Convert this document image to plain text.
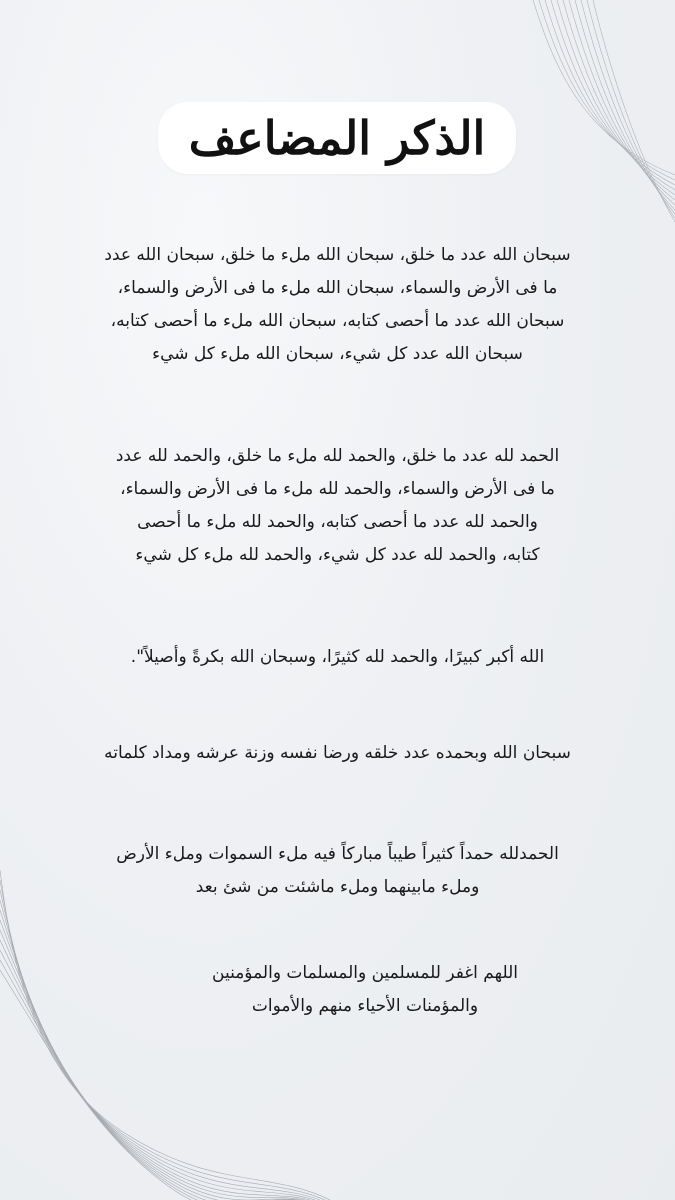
الذكر المضاعف
سبحان الله عدد ما خلق، سبحان الله ملء ما خلق، سبحان الله عدد
ما فى الأرض والسماء، سبحان الله ملء ما فى الأرض والسماء،
سبحان الله عدد ما أحصى كتابه، سبحان الله ملء ما أحصى كتابه،
سبحان الله عدد كل شيء، سبحان الله ملء كل شيء
الحمد لله عدد ما خلق، والحمد لله ملء ما خلق، والحمد لله عدد
ما فى الأرض والسماء، والحمد لله ملء ما فى الأرض والسماء،
والحمد لله عدد ما أحصى كتابه، والحمد لله ملء ما أحصى
كتابه، والحمد لله عدد كل شيء، والحمد لله ملء كل شيء
الله أكبر كبيرًا، والحمد لله كثيرًا، وسبحان الله بكرةً وأصيلاً".
سبحان الله وبحمده عدد خلقه ورضا نفسه وزنة عرشه ومداد كلماته
الحمدلله حمداً كثيراً طيباً مباركاً فيه ملء السموات وملء الأرض
وملء مابينهما وملء ماشئت من شئ بعد
اللهم اغفر للمسلمين والمسلمات والمؤمنين
والمؤمنات الأحياء منهم والأموات
